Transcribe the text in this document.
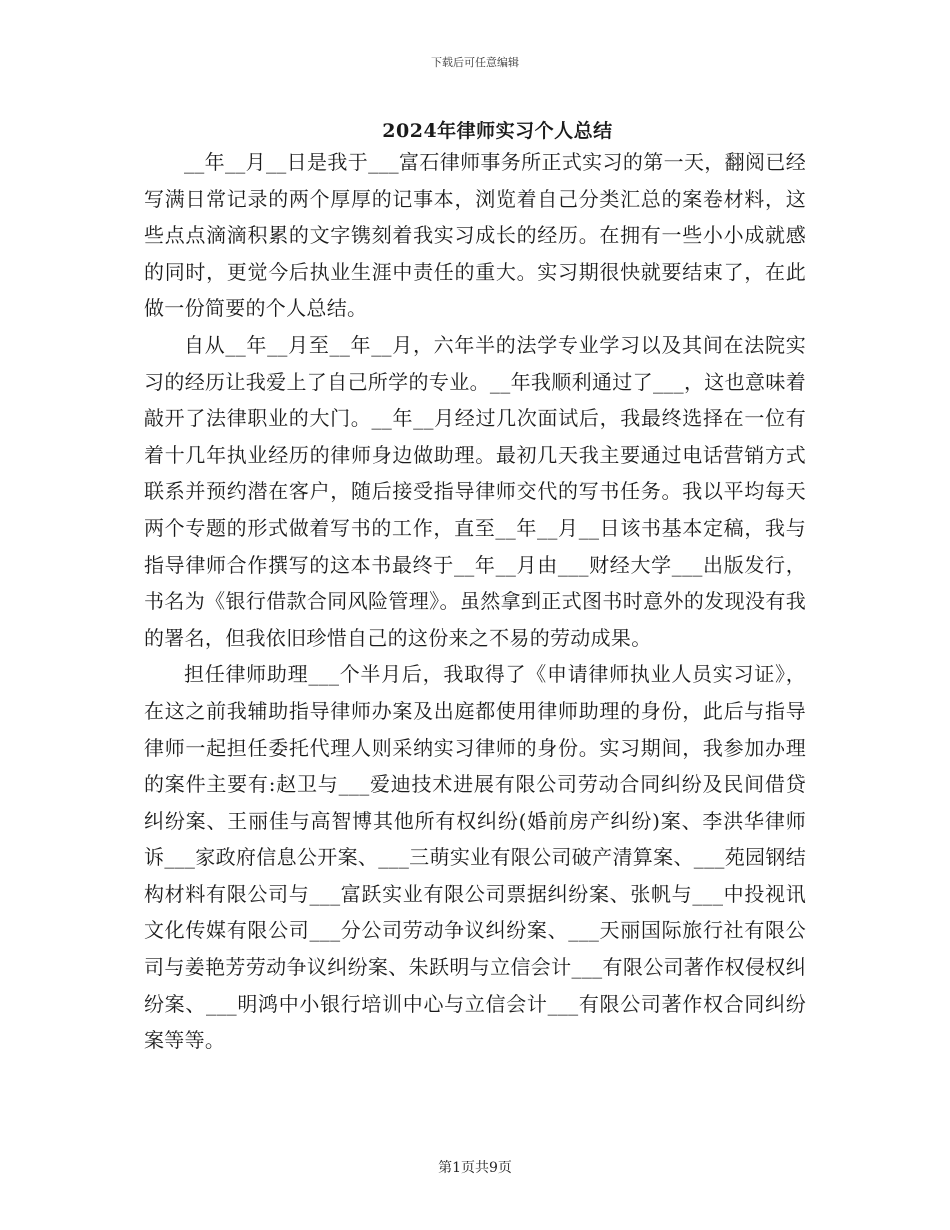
下载后可任意编辑
2024年律师实习个人总结

__年__月__日是我于___富石律师事务所正式实习的第一天，翻阅已经写满日常记录的两个厚厚的记事本，浏览着自己分类汇总的案卷材料，这些点点滴滴积累的文字镌刻着我实习成长的经历。在拥有一些小小成就感的同时，更觉今后执业生涯中责任的重大。实习期很快就要结束了，在此做一份简要的个人总结。

自从__年__月至__年__月，六年半的法学专业学习以及其间在法院实习的经历让我爱上了自己所学的专业。__年我顺利通过了___，这也意味着敲开了法律职业的大门。__年__月经过几次面试后，我最终选择在一位有着十几年执业经历的律师身边做助理。最初几天我主要通过电话营销方式联系并预约潜在客户，随后接受指导律师交代的写书任务。我以平均每天两个专题的形式做着写书的工作，直至__年__月__日该书基本定稿，我与指导律师合作撰写的这本书最终于__年__月由___财经大学___出版发行，书名为《银行借款合同风险管理》。虽然拿到正式图书时意外的发现没有我的署名，但我依旧珍惜自己的这份来之不易的劳动成果。

担任律师助理___个半月后，我取得了《申请律师执业人员实习证》，在这之前我辅助指导律师办案及出庭都使用律师助理的身份，此后与指导律师一起担任委托代理人则采纳实习律师的身份。实习期间，我参加办理的案件主要有:赵卫与___爱迪技术进展有限公司劳动合同纠纷及民间借贷纠纷案、王丽佳与高智博其他所有权纠纷(婚前房产纠纷)案、李洪华律师诉___家政府信息公开案、___三萌实业有限公司破产清算案、___苑园钢结构材料有限公司与___富跃实业有限公司票据纠纷案、张帆与___中投视讯文化传媒有限公司___分公司劳动争议纠纷案、___天丽国际旅行社有限公司与姜艳芳劳动争议纠纷案、朱跃明与立信会计___有限公司著作权侵权纠纷案、___明鸿中小银行培训中心与立信会计___有限公司著作权合同纠纷案等等。

第1页共9页
